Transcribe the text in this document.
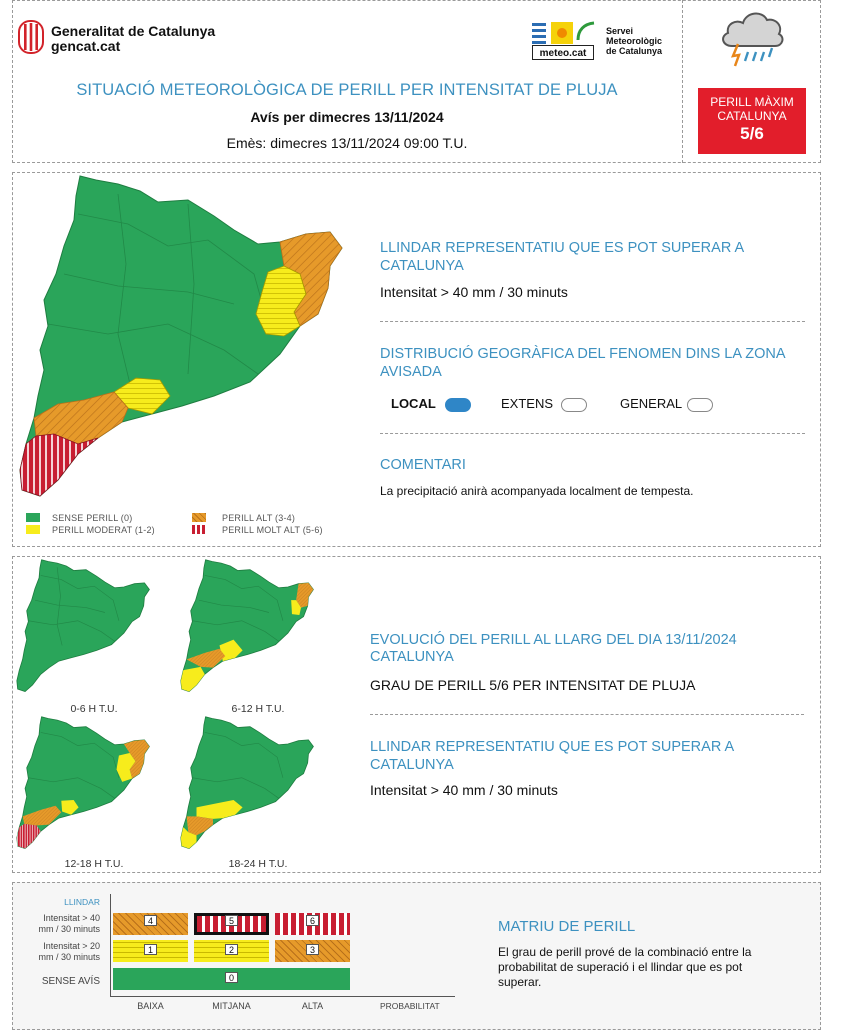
Generalitat de Catalunya
gencat.cat	meteo.cat
Servei
Meteorològic
de Catalunya
SITUACIÓ METEOROLÒGICA DE PERILL PER INTENSITAT DE PLUJA
Avís per dimecres 13/11/2024
Emès: dimecres 13/11/2024 09:00 T.U.
PERILL MÀXIM
CATALUNYA
5/6
SENSE PERILL (0)
PERILL MODERAT (1-2)
PERILL ALT (3-4)
PERILL MOLT ALT (5-6)
LLINDAR REPRESENTATIU QUE ES POT SUPERAR A CATALUNYA
Intensitat > 40 mm / 30 minuts
DISTRIBUCIÓ GEOGRÀFICA DEL FENOMEN DINS LA ZONA AVISADA
LOCAL	EXTENS	GENERAL
COMENTARI
La precipitació anirà acompanyada localment de tempesta.
0-6 H T.U.	6-12 H T.U.
12-18 H T.U.	18-24 H T.U.
EVOLUCIÓ DEL PERILL AL LLARG DEL DIA 13/11/2024 CATALUNYA
GRAU DE PERILL 5/6 PER INTENSITAT DE PLUJA
LLINDAR REPRESENTATIU QUE ES POT SUPERAR A CATALUNYA
Intensitat > 40 mm / 30 minuts
LLINDAR
Intensitat > 40
mm / 30 minuts
Intensitat > 20
mm / 30 minuts
SENSE AVÍS
4	5	6
1	2	3
0
BAIXA	MITJANA	ALTA	PROBABILITAT
MATRIU DE PERILL
El grau de perill prové de la combinació entre la probabilitat de superació i el llindar que es pot superar.
